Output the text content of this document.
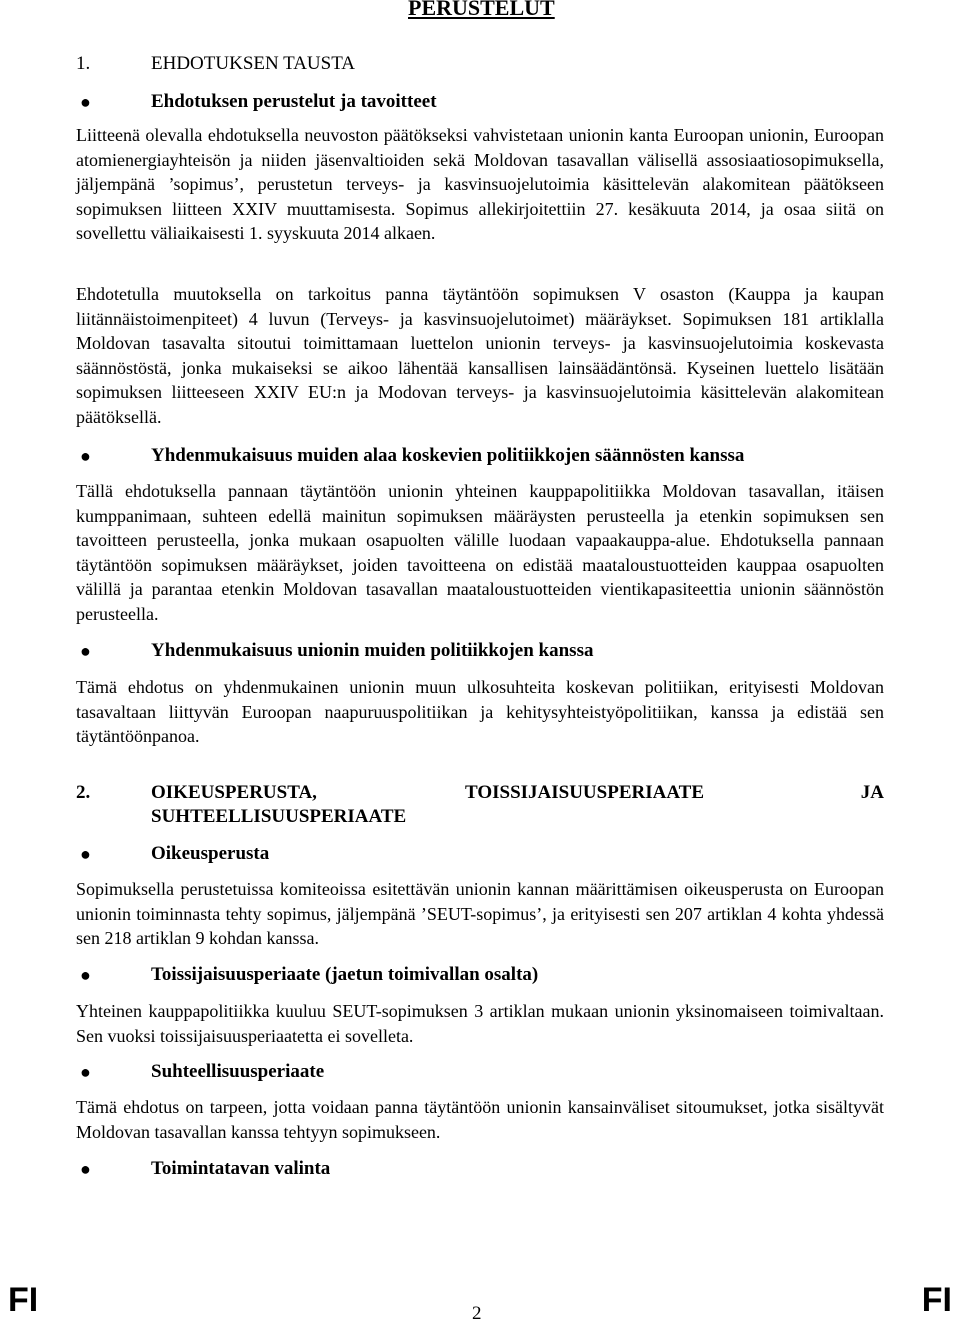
PERUSTELUT
1.	EHDOTUKSEN TAUSTA
●	Ehdotuksen perustelut ja tavoitteet

Liitteenä olevalla ehdotuksella neuvoston päätökseksi vahvistetaan unionin kanta Euroopan unionin, Euroopan atomienergiayhteisön ja niiden jäsenvaltioiden sekä Moldovan tasavallan välisellä assosiaatiosopimuksella, jäljempänä ’sopimus’, perustetun terveys- ja kasvinsuojelutoimia käsittelevän alakomitean päätökseen sopimuksen liitteen XXIV muuttamisesta. Sopimus allekirjoitettiin 27. kesäkuuta 2014, ja osaa siitä on sovellettu väliaikaisesti 1. syyskuuta 2014 alkaen.

Ehdotetulla muutoksella on tarkoitus panna täytäntöön sopimuksen V osaston (Kauppa ja kaupan liitännäistoimenpiteet) 4 luvun (Terveys- ja kasvinsuojelutoimet) määräykset. Sopimuksen 181 artiklalla Moldovan tasavalta sitoutui toimittamaan luettelon unionin terveys- ja kasvinsuojelutoimia koskevasta säännöstöstä, jonka mukaiseksi se aikoo lähentää kansallisen lainsäädäntönsä. Kyseinen luettelo lisätään sopimuksen liitteeseen XXIV EU:n ja Modovan terveys- ja kasvinsuojelutoimia käsittelevän alakomitean päätöksellä.

●	Yhdenmukaisuus muiden alaa koskevien politiikkojen säännösten kanssa

Tällä ehdotuksella pannaan täytäntöön unionin yhteinen kauppapolitiikka Moldovan tasavallan, itäisen kumppanimaan, suhteen edellä mainitun sopimuksen määräysten perusteella ja etenkin sopimuksen sen tavoitteen perusteella, jonka mukaan osapuolten välille luodaan vapaakauppa-alue. Ehdotuksella pannaan täytäntöön sopimuksen määräykset, joiden tavoitteena on edistää maataloustuotteiden kauppaa osapuolten välillä ja parantaa etenkin Moldovan tasavallan maataloustuotteiden vientikapasiteettia unionin säännöstön perusteella.

●	Yhdenmukaisuus unionin muiden politiikkojen kanssa

Tämä ehdotus on yhdenmukainen unionin muun ulkosuhteita koskevan politiikan, erityisesti Moldovan tasavaltaan liittyvän Euroopan naapuruuspolitiikan ja kehitysyhteistyöpolitiikan, kanssa ja edistää sen täytäntöönpanoa.

2.	OIKEUSPERUSTA,	TOISSIJAISUUSPERIAATE	JA
SUHTEELLISUUSPERIAATE
●	Oikeusperusta

Sopimuksella perustetuissa komiteoissa esitettävän unionin kannan määrittämisen oikeusperusta on Euroopan unionin toiminnasta tehty sopimus, jäljempänä ’SEUT-sopimus’, ja erityisesti sen 207 artiklan 4 kohta yhdessä sen 218 artiklan 9 kohdan kanssa.

●	Toissijaisuusperiaate (jaetun toimivallan osalta)

Yhteinen kauppapolitiikka kuuluu SEUT-sopimuksen 3 artiklan mukaan unionin yksinomaiseen toimivaltaan. Sen vuoksi toissijaisuusperiaatetta ei sovelleta.

●	Suhteellisuusperiaate

Tämä ehdotus on tarpeen, jotta voidaan panna täytäntöön unionin kansainväliset sitoumukset, jotka sisältyvät Moldovan tasavallan kanssa tehtyyn sopimukseen.

●	Toimintatavan valinta
FI	2	FI
